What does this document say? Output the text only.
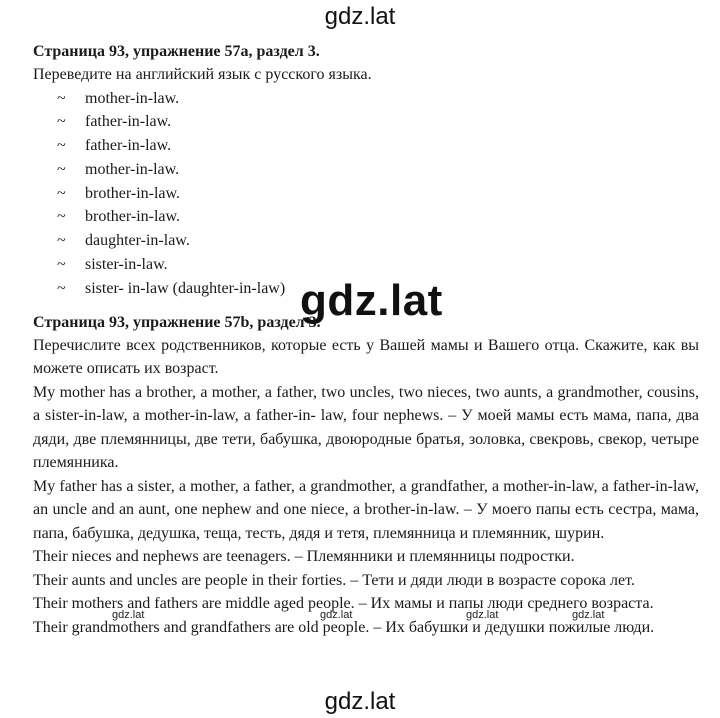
gdz.lat

Страница 93, упражнение 57а, раздел 3.

Переведите на английский язык с русского языка.

~	mother-in-law.
~	father-in-law.
~	father-in-law.
~	mother-in-law.
~	brother-in-law.
~	brother-in-law.
~	daughter-in-law.
~	sister-in-law.
~	sister- in-law (daughter-in-law)

Страница 93, упражнение 57b, раздел 3.

Перечислите всех родственников, которые есть у Вашей мамы и Вашего отца. Скажите, как вы можете описать их возраст.

My mother has a brother, a mother, a father, two uncles, two nieces, two aunts, a grandmother, cousins, a sister-in-law, a mother-in-law, a father-in- law, four nephews. – У моей мамы есть мама, папа, два дяди, две племянницы, две тети, бабушка, двоюродные братья, золовка, свекровь, свекор, четыре племянника.

My father has a sister, a mother, a father, a grandmother, a grandfather, a mother-in-law, a father-in-law, an uncle and an aunt, one nephew and one niece, a brother-in-law. – У моего папы есть сестра, мама, папа, бабушка, дедушка, теща, тесть, дядя и тетя, племянница и племянник, шурин.

Their nieces and nephews are teenagers. – Племянники и племянницы подростки.

Their aunts and uncles are people in their forties. – Тети и дяди люди в возрасте сорока лет.

Their mothers and fathers are middle aged people. – Их мамы и папы люди среднего возраста.

Their grandmothers and grandfathers are old people. – Их бабушки и дедушки пожилые люди.

gdz.lat
gdz.lat	gdz.lat	gdz.lat	gdz.lat
gdz.lat
